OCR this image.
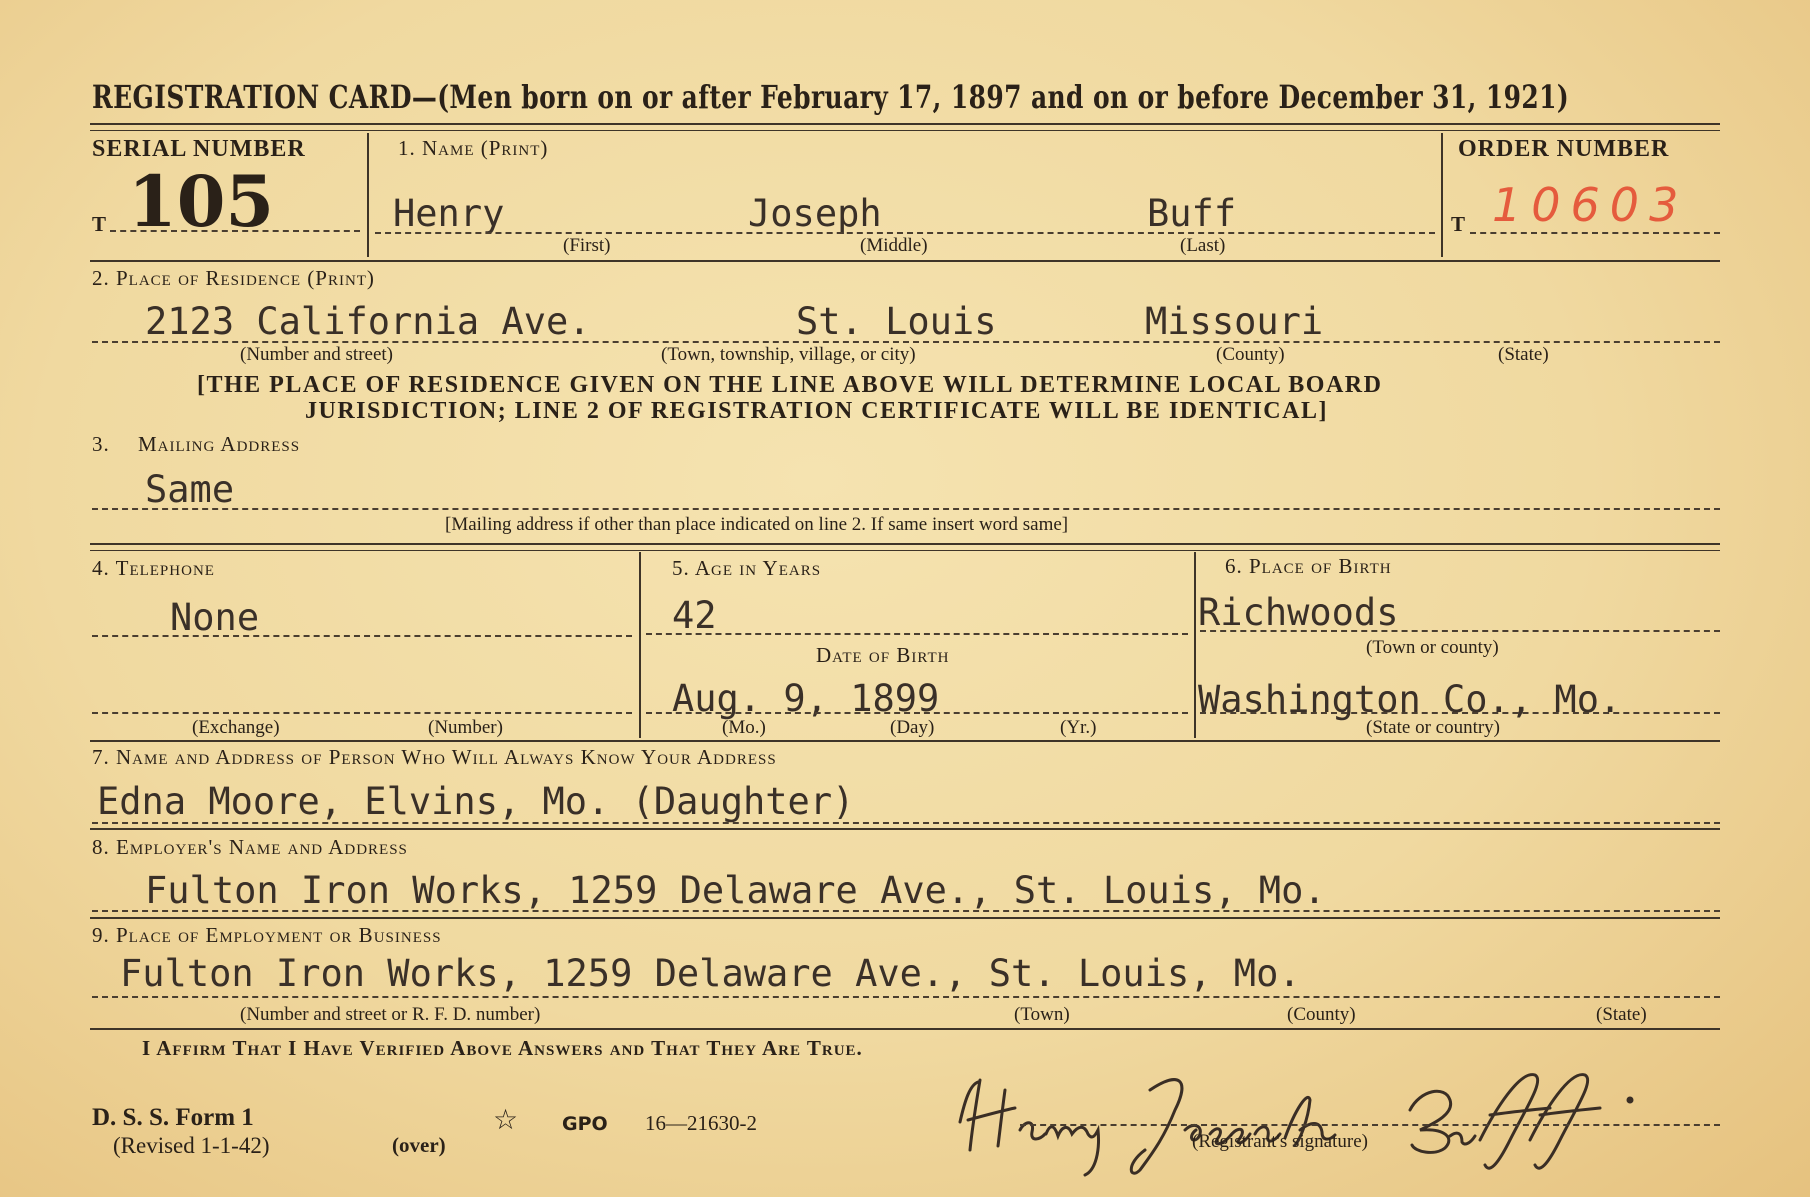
REGISTRATION CARD—(Men born on or after February 17, 1897 and on or before December 31, 1921)
SERIAL NUMBER
T 105
1. Name (Print)
Henry	Joseph	Buff
(First)	(Middle)	(Last)
ORDER NUMBER
T 10603
2. Place of Residence (Print)
2123 California Ave.	St. Louis	Missouri
(Number and street)	(Town, township, village, or city)	(County)	(State)
[THE PLACE OF RESIDENCE GIVEN ON THE LINE ABOVE WILL DETERMINE LOCAL BOARD
JURISDICTION; LINE 2 OF REGISTRATION CERTIFICATE WILL BE IDENTICAL]
3. Mailing Address
Same
[Mailing address if other than place indicated on line 2. If same insert word same]
4. Telephone
None
(Exchange)	(Number)
5. Age in Years
42
Date of Birth
Aug. 9, 1899
(Mo.)	(Day)	(Yr.)
6. Place of Birth
Richwoods
(Town or county)
Washington Co., Mo.
(State or country)
7. Name and Address of Person Who Will Always Know Your Address
Edna Moore, Elvins, Mo. (Daughter)
8. Employer's Name and Address
Fulton Iron Works, 1259 Delaware Ave., St. Louis, Mo.
9. Place of Employment or Business
Fulton Iron Works, 1259 Delaware Ave., St. Louis, Mo.
(Number and street or R. F. D. number)	(Town)	(County)	(State)
I Affirm That I Have Verified Above Answers and That They Are True.
D. S. S. Form 1
(Revised 1-1-42)	(over)
☆ GPO 16—21630-2
(Registrant's signature)
